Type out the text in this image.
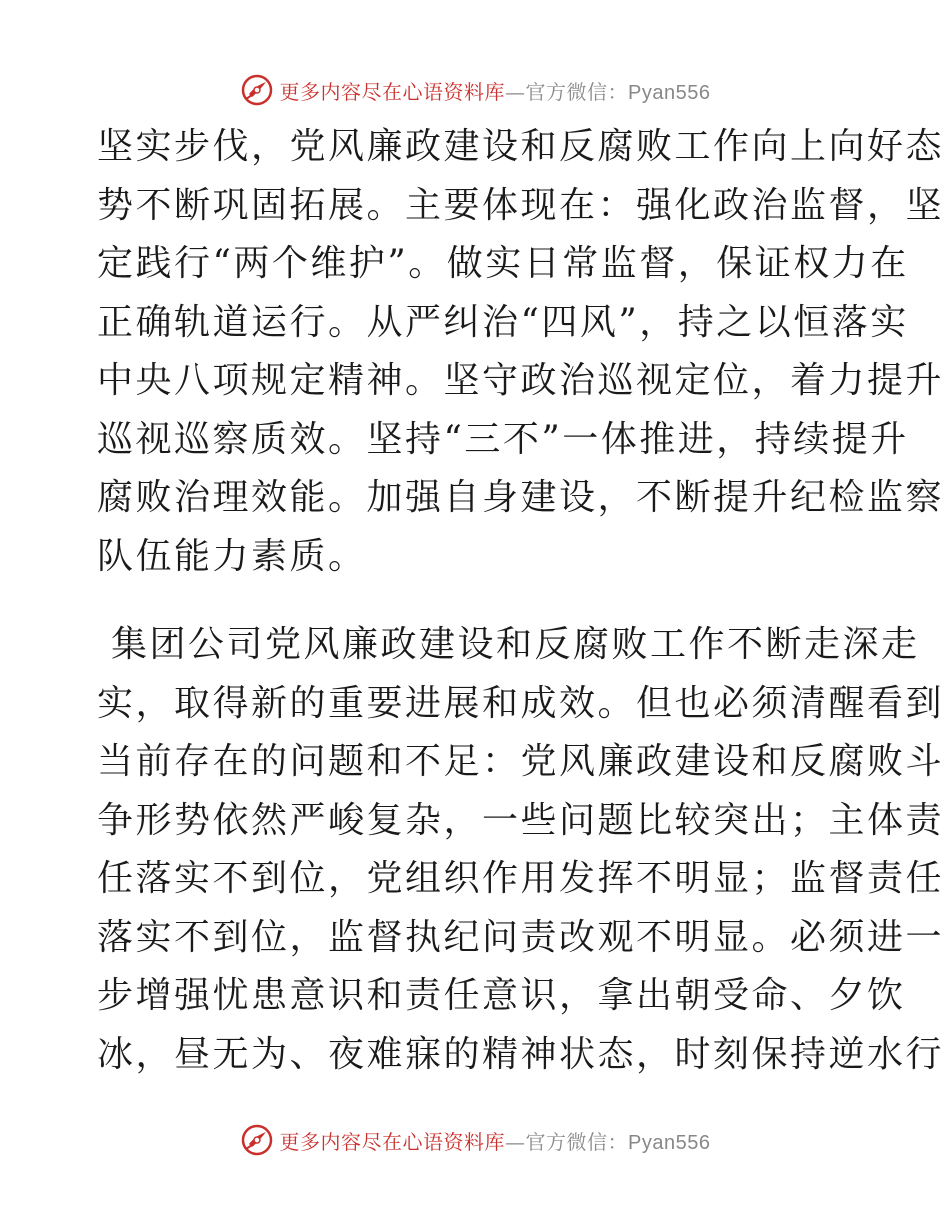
更多内容尽在心语资料库—官方微信：Pyan556

坚实步伐，党风廉政建设和反腐败工作向上向好态
势不断巩固拓展。主要体现在：强化政治监督，坚
定践行“两个维护”。做实日常监督，保证权力在
正确轨道运行。从严纠治“四风”，持之以恒落实
中央八项规定精神。坚守政治巡视定位，着力提升
巡视巡察质效。坚持“三不”一体推进，持续提升
腐败治理效能。加强自身建设，不断提升纪检监察
队伍能力素质。

集团公司党风廉政建设和反腐败工作不断走深走
实，取得新的重要进展和成效。但也必须清醒看到
当前存在的问题和不足：党风廉政建设和反腐败斗
争形势依然严峻复杂，一些问题比较突出；主体责
任落实不到位，党组织作用发挥不明显；监督责任
落实不到位，监督执纪问责改观不明显。必须进一
步增强忧患意识和责任意识，拿出朝受命、夕饮
冰，昼无为、夜难寐的精神状态，时刻保持逆水行

更多内容尽在心语资料库—官方微信：Pyan556
